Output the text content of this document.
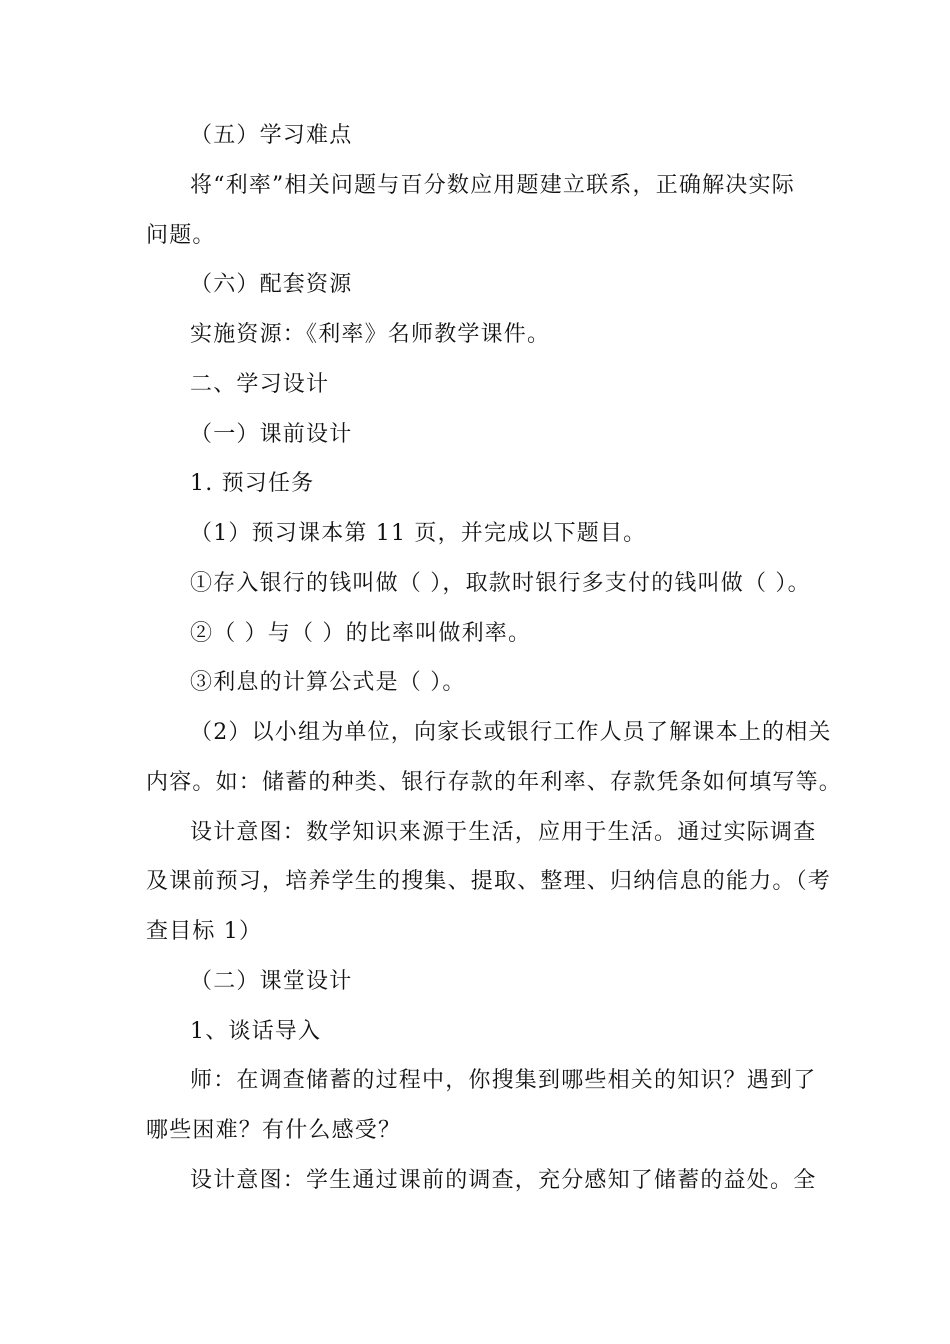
（五）学习难点

将“利率”相关问题与百分数应用题建立联系，正确解决实际

问题。

（六）配套资源

实施资源：《利率》名师教学课件。

二、学习设计

（一）课前设计

1. 预习任务

（1）预习课本第 11 页，并完成以下题目。

①存入银行的钱叫做（ ），取款时银行多支付的钱叫做（ ）。

②（ ）与（ ）的比率叫做利率。

③利息的计算公式是（ ）。

（2）以小组为单位，向家长或银行工作人员了解课本上的相关

内容。如：储蓄的种类、银行存款的年利率、存款凭条如何填写等。

设计意图：数学知识来源于生活，应用于生活。通过实际调查

及课前预习，培养学生的搜集、提取、整理、归纳信息的能力。（考

查目标 1）

（二）课堂设计

1、谈话导入

师：在调查储蓄的过程中，你搜集到哪些相关的知识？遇到了

哪些困难？有什么感受？

设计意图：学生通过课前的调查，充分感知了储蓄的益处。全
